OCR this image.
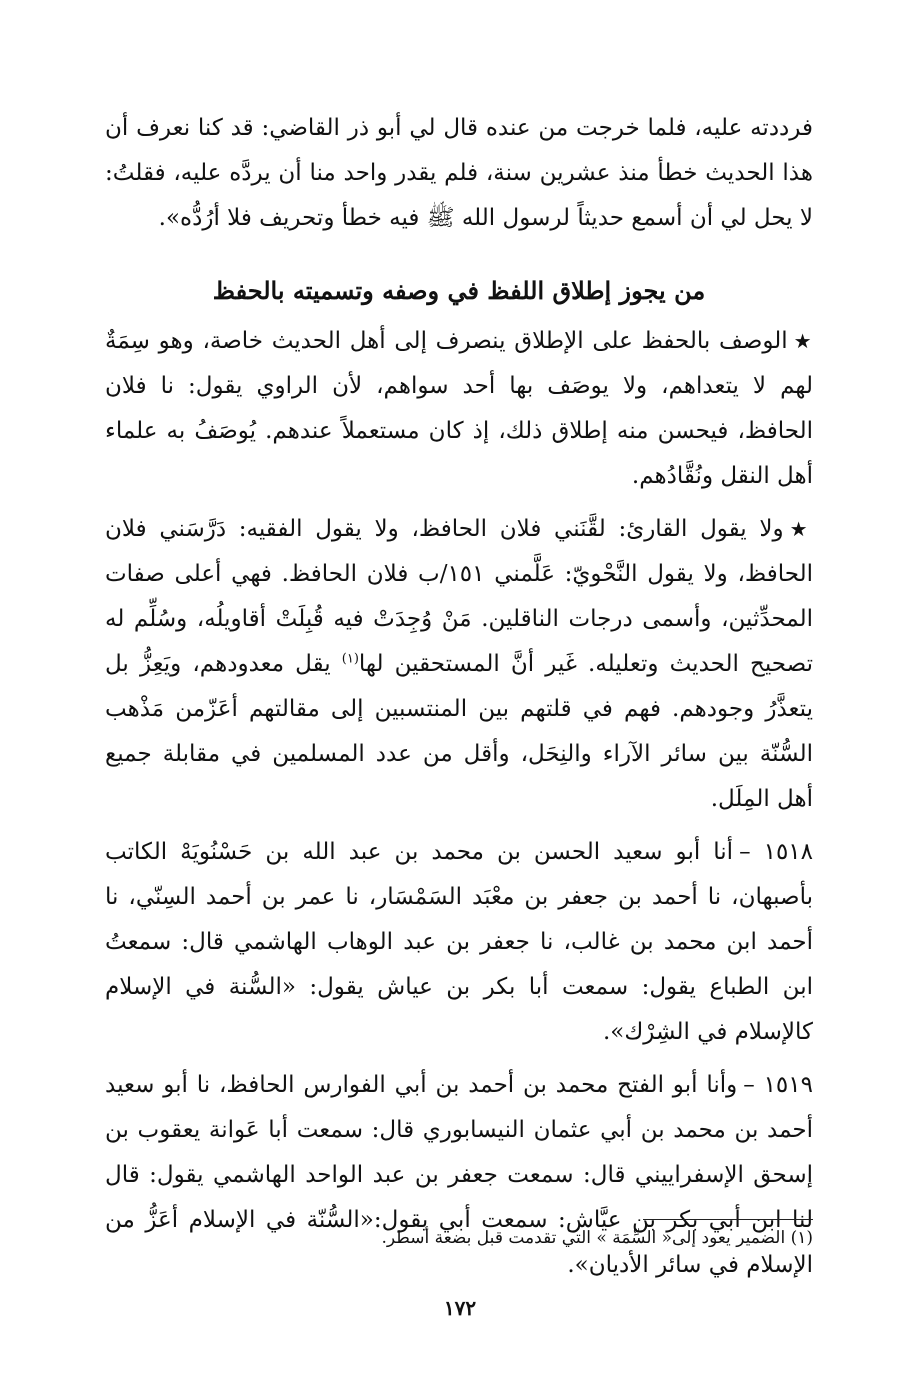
فرددته عليه، فلما خرجت من عنده قال لي أبو ذر القاضي: قد كنا نعرف أن هذا الحديث خطأ منذ عشرين سنة، فلم يقدر واحد منا أن يردَّه عليه، فقلتُ: لا يحل لي أن أسمع حديثاً لرسول الله ﷺ فيه خطأ وتحريف فلا أرُدُّه».

من يجوز إطلاق اللفظ في وصفه وتسميته بالحفظ

★الوصف بالحفظ على الإطلاق ينصرف إلى أهل الحديث خاصة، وهو سِمَةٌ لهم لا يتعداهم، ولا يوصَف بها أحد سواهم، لأن الراوي يقول: نا فلان الحافظ، فيحسن منه إطلاق ذلك، إذ كان مستعملاً عندهم. يُوصَفُ به علماء أهل النقل ونُقَّادُهم.

★ولا يقول القارئ: لقَّنَني فلان الحافظ، ولا يقول الفقيه: دَرَّسَني فلان الحافظ، ولا يقول النَّحْويّ: عَلَّمني ١٥١/ب فلان الحافظ. فهي أعلى صفات المحدِّثين، وأسمى درجات الناقلين. مَنْ وُجِدَتْ فيه قُبِلَتْ أقاويلُه، وسُلِّم له تصحيح الحديث وتعليله. غَير أنَّ المستحقين لها$^{(١)}$ يقل معدودهم، ويَعِزُّ بل يتعذَّرُ وجودهم. فهم في قلتهم بين المنتسبين إلى مقالتهم أعَزّمن مَذْهب السُّنّة بين سائر الآراء والنِحَل، وأقل من عدد المسلمين في مقابلة جميع أهل المِلَل.

١٥١٨ –أنا أبو سعيد الحسن بن محمد بن عبد الله بن حَسْنُويَهْ الكاتب بأصبهان، نا أحمد بن جعفر بن معْبَد السَمْسَار، نا عمر بن أحمد السِنّي، نا أحمد ابن محمد بن غالب، نا جعفر بن عبد الوهاب الهاشمي قال: سمعتُ ابن الطباع يقول: سمعت أبا بكر بن عياش يقول: «السُّنة في الإسلام كالإسلام في الشِرْك».

١٥١٩ –وأنا أبو الفتح محمد بن أحمد بن أبي الفوارس الحافظ، نا أبو سعيد أحمد بن محمد بن أبي عثمان النيسابوري قال: سمعت أبا عَوانة يعقوب بن إسحق الإسفراييني قال: سمعت جعفر بن عبد الواحد الهاشمي يقول: قال لنا ابن أبي بكر بن عيَّاش: سمعت أبي يقول:«السُّنّة في الإسلام أعَزُّ من الإسلام في سائر الأديان».

(١) الضمير يعود إلى« السِّمَة » التي تقدمت قبل بضعة أسطر.
١٧٢
